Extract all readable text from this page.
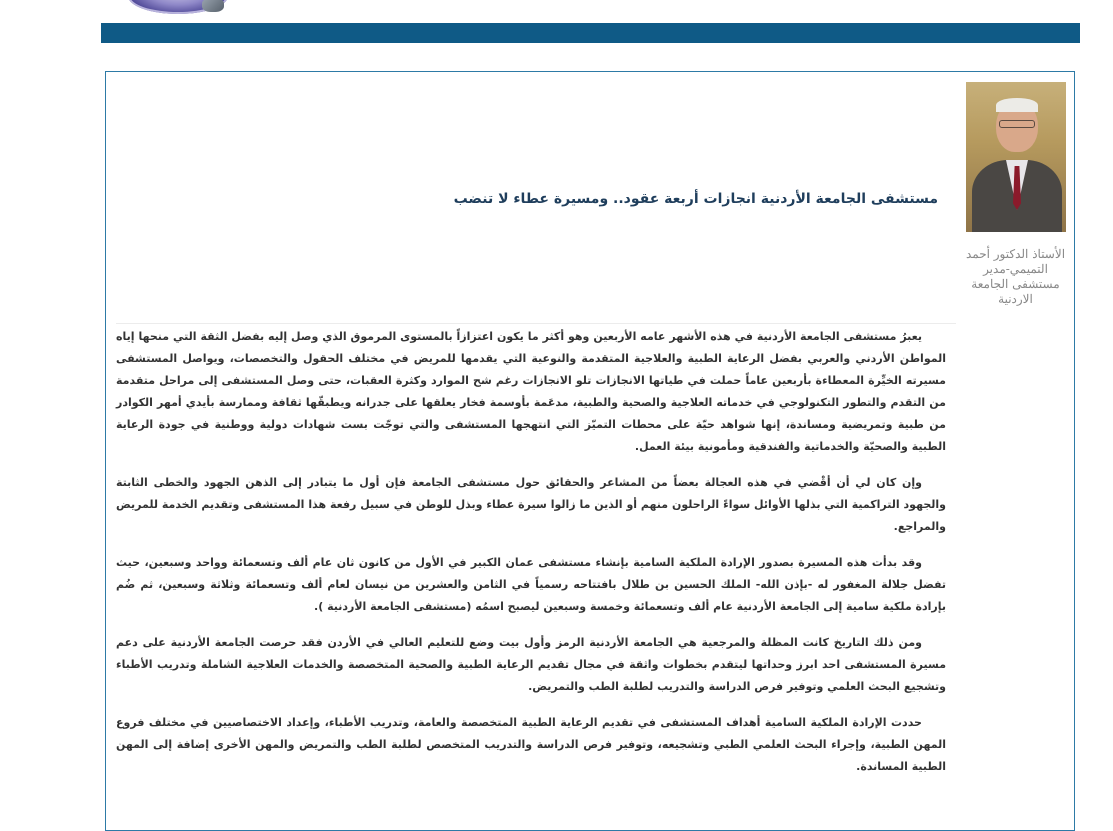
الأستاذ الدكتور أحمد التميمي-مدير مستشفى الجامعة الاردنية
مستشفى الجامعة الأردنية انجازات أربعة عقود.. ومسيرة عطاء لا تنضب

يعبرُ مستشفى الجامعة الأردنية في هذه الأشهر عامه الأربعين وهو أكثر ما يكون اعتزازاً بالمستوى المرموق الذي وصل إليه بفضل الثقة التي منحها إياه المواطن الأردني والعربي بفضل الرعاية الطبية والعلاجية المتقدمة والنوعية التي يقدمها للمريض في مختلف الحقول والتخصصات، ويواصل المستشفى مسيرته الخيِّرة المعطاءة بأربعين عاماً حملت في طياتها الانجازات تلو الانجازات رغم شح الموارد وكثرة العقبات، حتى وصل المستشفى إلى مراحل متقدمة من التقدم والتطور التكنولوجي في خدماته العلاجية والصحية والطبية، مدعَمة بأوسمة فخار يعلقها على جدرانه ويطبقّها ثقافة وممارسة بأيدي أمهر الكوادر من طبية وتمريضية ومساندة، إنها شواهد حيّة على محطات التميّز التي انتهجها المستشفى والتي توجّت بست شهادات دولية ووطنية في جودة الرعاية الطبية والصحيّة والخدماتية والفندقية ومأمونية بيئة العمل.

وإن كان لي أن أقْضي في هذه العجالة بعضاً من المشاعر والحقائق حول مستشفى الجامعة فإن أول ما يتبادر إلى الذهن الجهود والخطى الثابتة والجهود التراكمية التي بذلها الأوائل سواءً الراحلون منهم أو الذين ما زالوا سيرة عطاء وبذل للوطن في سبيل رفعة هذا المستشفى وتقديم الخدمة للمريض والمراجع.

وقد بدأت هذه المسيرة بصدور الإرادة الملكية السامية بإنشاء مستشفى عمان الكبير في الأول من كانون ثان عام ألف وتسعمائة وواحد وسبعين، حيث تفضل جلالة المغفور له -بإذن الله- الملك الحسين بن طلال بافتتاحه رسمياً في الثامن والعشرين من نيسان لعام ألف وتسعمائة وثلاثة وسبعين، ثم ضُم بإرادة ملكية سامية إلى الجامعة الأردنية عام ألف وتسعمائة وخمسة وسبعين ليصبح اسمُه (مستشفى الجامعة الأردنية ).

ومن ذلك التاريخ كانت المظلة والمرجعية هي الجامعة الأردنية الرمز وأول بيت وضع للتعليم العالي في الأردن فقد حرصت الجامعة الأردنية على دعم مسيرة المستشفى احد ابرز وحداتها ليتقدم بخطوات واثقة في مجال تقديم الرعاية الطبية والصحية المتخصصة والخدمات العلاجية الشاملة وتدريب الأطباء وتشجيع البحث العلمي وتوفير فرص الدراسة والتدريب لطلبة الطب والتمريض.

حددت الإرادة الملكية السامية أهداف المستشفى في تقديم الرعاية الطبية المتخصصة والعامة، وتدريب الأطباء، وإعداد الاختصاصيين في مختلف فروع المهن الطبية، وإجراء البحث العلمي الطبي وتشجيعه، وتوفير فرص الدراسة والتدريب المتخصص لطلبة الطب والتمريض والمهن الأخرى إضافة إلى المهن الطبية المساندة.
